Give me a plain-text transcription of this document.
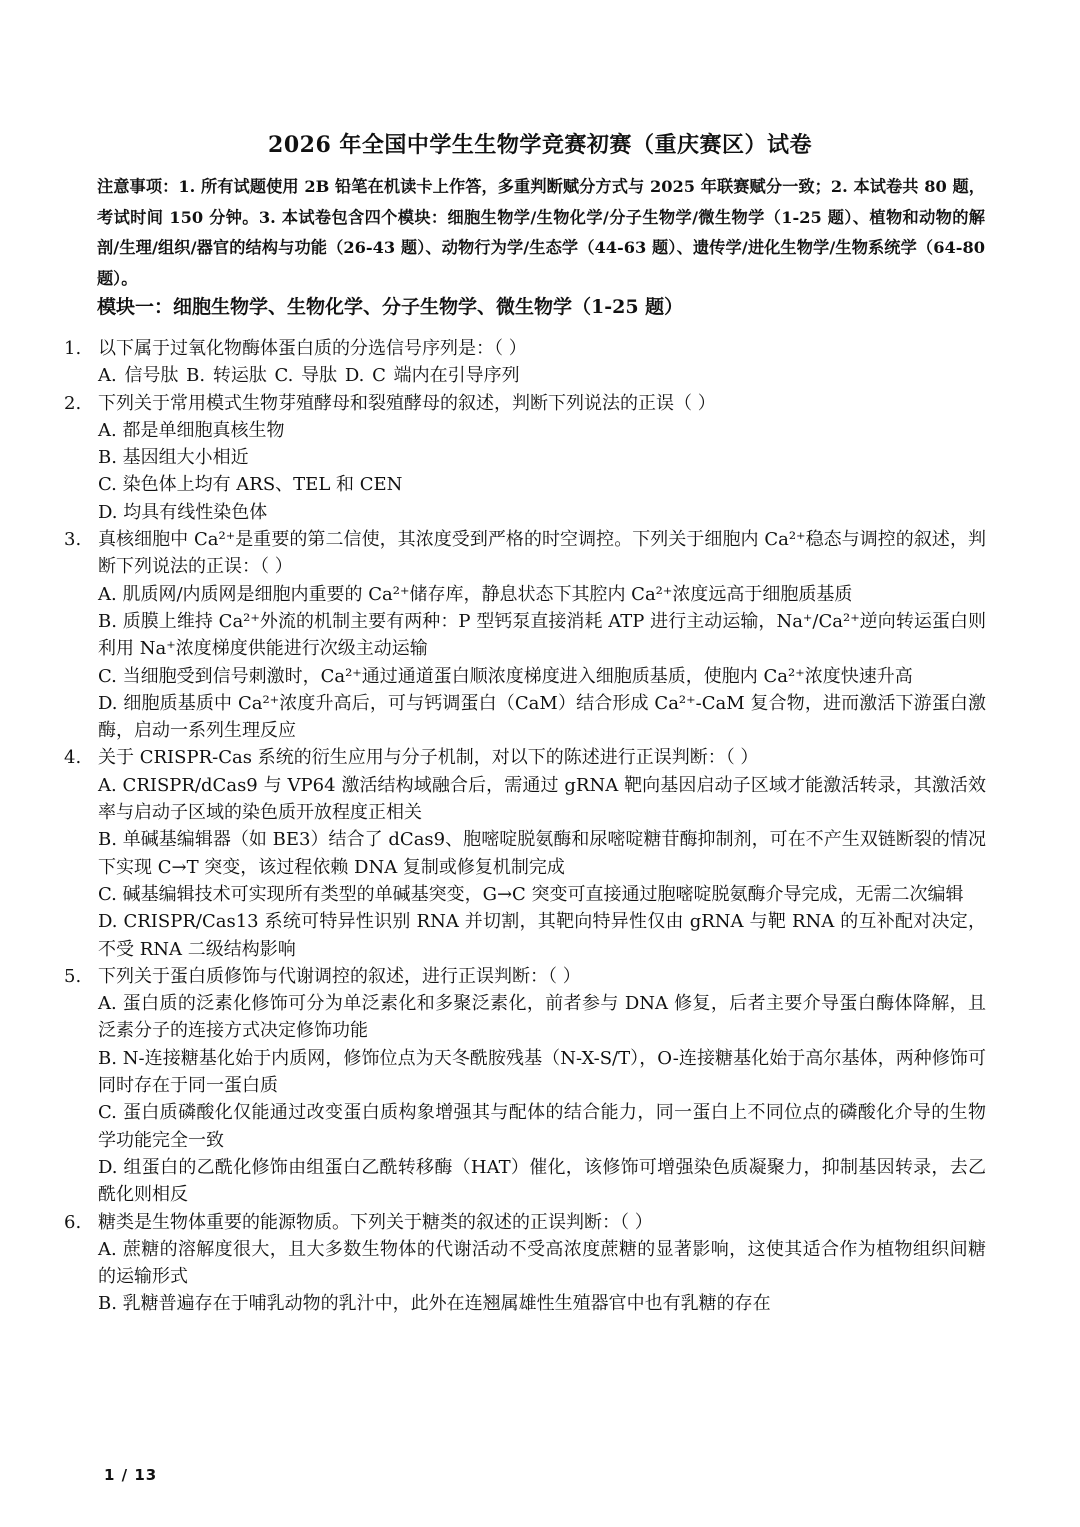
2026 年全国中学生生物学竞赛初赛（重庆赛区）试卷

注意事项：1. 所有试题使用 2B 铅笔在机读卡上作答，多重判断赋分方式与 2025 年联赛赋分一致；2. 本试卷共 80 题，考试时间 150 分钟。3. 本试卷包含四个模块：细胞生物学/生物化学/分子生物学/微生物学（1-25 题）、植物和动物的解剖/生理/组织/器官的结构与功能（26-43 题）、动物行为学/生态学（44-63 题）、遗传学/进化生物学/生物系统学（64-80 题）。

模块一：细胞生物学、生物化学、分子生物学、微生物学（1-25 题）
1. 以下属于过氧化物酶体蛋白质的分选信号序列是：（ ）
A. 信号肽 B. 转运肽 C. 导肽 D. C 端内在引导序列
2. 下列关于常用模式生物芽殖酵母和裂殖酵母的叙述，判断下列说法的正误（ ）
A. 都是单细胞真核生物
B. 基因组大小相近
C. 染色体上均有 ARS、TEL 和 CEN
D. 均具有线性染色体
3. 真核细胞中 Ca²⁺是重要的第二信使，其浓度受到严格的时空调控。下列关于细胞内 Ca²⁺稳态与调控的叙述，判断下列说法的正误：（ ）
A. 肌质网/内质网是细胞内重要的 Ca²⁺储存库，静息状态下其腔内 Ca²⁺浓度远高于细胞质基质
B. 质膜上维持 Ca²⁺外流的机制主要有两种：P 型钙泵直接消耗 ATP 进行主动运输，Na⁺/Ca²⁺逆向转运蛋白则利用 Na⁺浓度梯度供能进行次级主动运输
C. 当细胞受到信号刺激时，Ca²⁺通过通道蛋白顺浓度梯度进入细胞质基质，使胞内 Ca²⁺浓度快速升高
D. 细胞质基质中 Ca²⁺浓度升高后，可与钙调蛋白（CaM）结合形成 Ca²⁺-CaM 复合物，进而激活下游蛋白激酶，启动一系列生理反应
4. 关于 CRISPR-Cas 系统的衍生应用与分子机制，对以下的陈述进行正误判断：（ ）
A. CRISPR/dCas9 与 VP64 激活结构域融合后，需通过 gRNA 靶向基因启动子区域才能激活转录，其激活效率与启动子区域的染色质开放程度正相关
B. 单碱基编辑器（如 BE3）结合了 dCas9、胞嘧啶脱氨酶和尿嘧啶糖苷酶抑制剂，可在不产生双链断裂的情况下实现 C→T 突变，该过程依赖 DNA 复制或修复机制完成
C. 碱基编辑技术可实现所有类型的单碱基突变，G→C 突变可直接通过胞嘧啶脱氨酶介导完成，无需二次编辑
D. CRISPR/Cas13 系统可特异性识别 RNA 并切割，其靶向特异性仅由 gRNA 与靶 RNA 的互补配对决定，不受 RNA 二级结构影响
5. 下列关于蛋白质修饰与代谢调控的叙述，进行正误判断：（ ）
A. 蛋白质的泛素化修饰可分为单泛素化和多聚泛素化，前者参与 DNA 修复，后者主要介导蛋白酶体降解，且泛素分子的连接方式决定修饰功能
B. N-连接糖基化始于内质网，修饰位点为天冬酰胺残基（N-X-S/T），O-连接糖基化始于高尔基体，两种修饰可同时存在于同一蛋白质
C. 蛋白质磷酸化仅能通过改变蛋白质构象增强其与配体的结合能力，同一蛋白上不同位点的磷酸化介导的生物学功能完全一致
D. 组蛋白的乙酰化修饰由组蛋白乙酰转移酶（HAT）催化，该修饰可增强染色质凝聚力，抑制基因转录，去乙酰化则相反
6. 糖类是生物体重要的能源物质。下列关于糖类的叙述的正误判断：（ ）
A. 蔗糖的溶解度很大，且大多数生物体的代谢活动不受高浓度蔗糖的显著影响，这使其适合作为植物组织间糖的运输形式
B. 乳糖普遍存在于哺乳动物的乳汁中，此外在连翘属雄性生殖器官中也有乳糖的存在
1 / 13
